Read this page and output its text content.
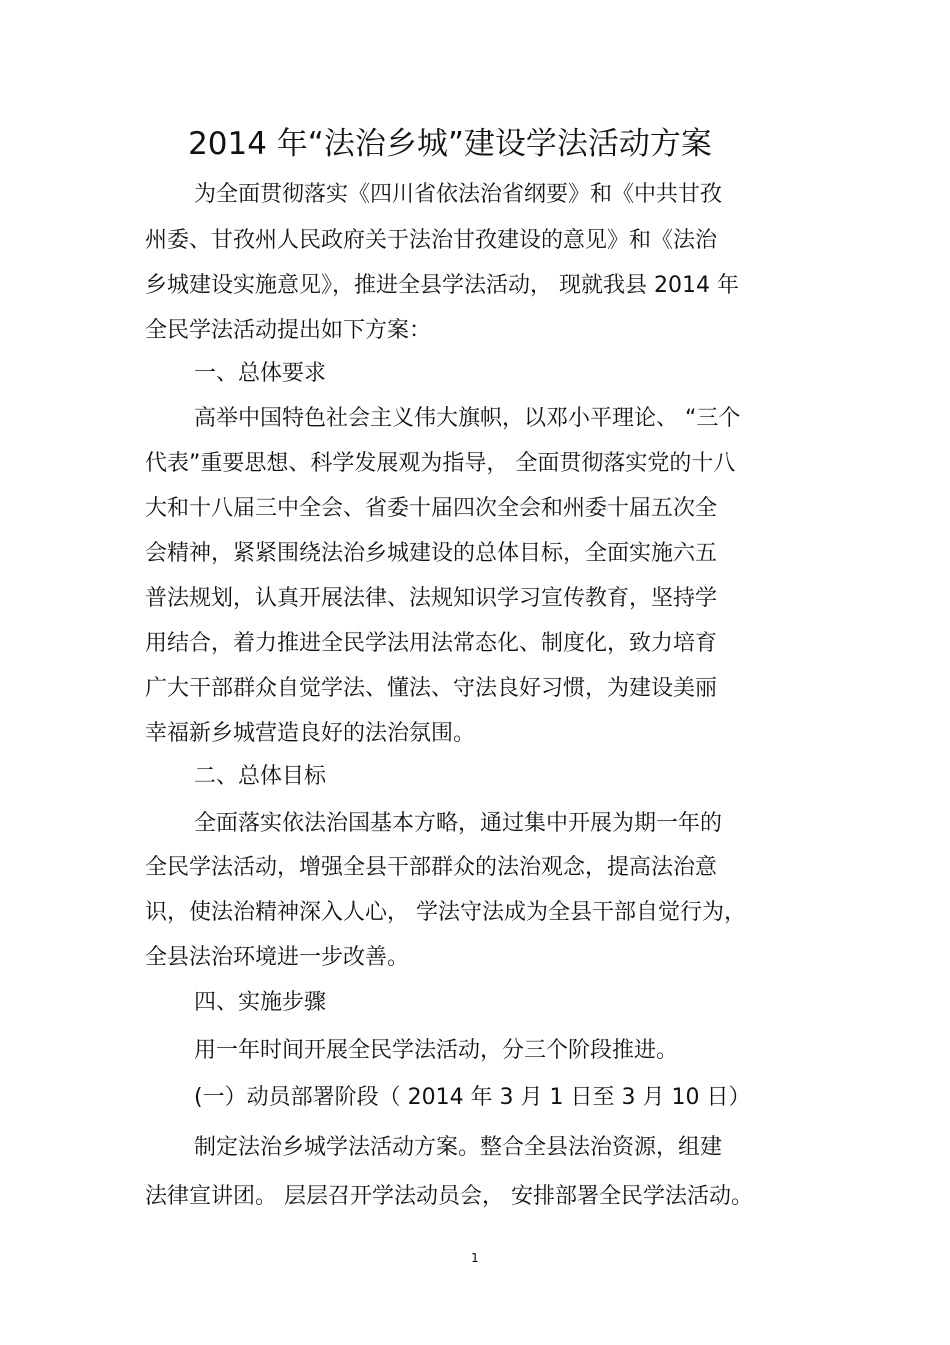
2014 年“法治乡城”建设学法活动方案
为全面贯彻落实《四川省依法治省纲要》和《中共甘孜
州委、甘孜州人民政府关于法治甘孜建设的意见》和《法治
乡城建设实施意见》，推进全县学法活动， 现就我县 2014 年
全民学法活动提出如下方案：
一、总体要求
高举中国特色社会主义伟大旗帜，以邓小平理论、 “三个
代表”重要思想、科学发展观为指导， 全面贯彻落实党的十八
大和十八届三中全会、省委十届四次全会和州委十届五次全
会精神，紧紧围绕法治乡城建设的总体目标，全面实施六五
普法规划，认真开展法律、法规知识学习宣传教育，坚持学
用结合，着力推进全民学法用法常态化、制度化，致力培育
广大干部群众自觉学法、懂法、守法良好习惯，为建设美丽
幸福新乡城营造良好的法治氛围。
二、总体目标
全面落实依法治国基本方略，通过集中开展为期一年的
全民学法活动，增强全县干部群众的法治观念，提高法治意
识，使法治精神深入人心， 学法守法成为全县干部自觉行为，
全县法治环境进一步改善。
四、实施步骤
用一年时间开展全民学法活动，分三个阶段推进。
(一）动员部署阶段（ 2014 年 3 月 1 日至 3 月 10 日）
制定法治乡城学法活动方案。整合全县法治资源，组建
法律宣讲团。 层层召开学法动员会， 安排部署全民学法活动。
1
